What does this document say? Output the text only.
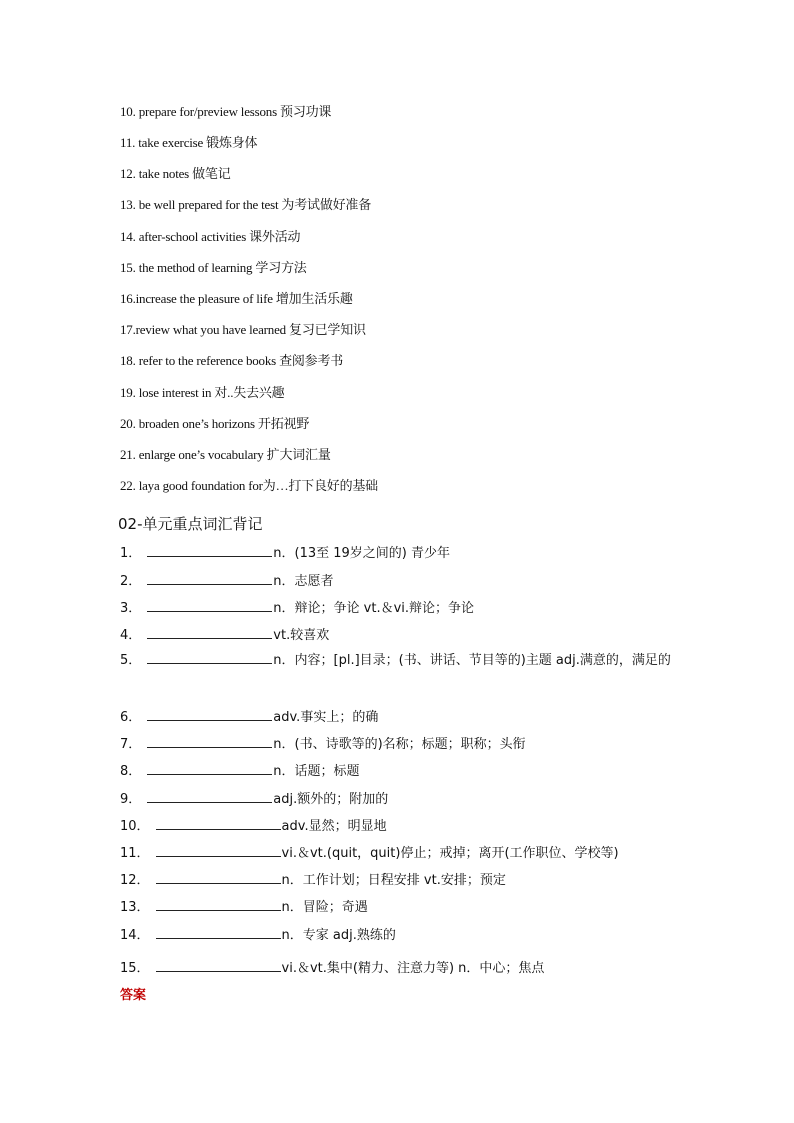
10. prepare for/preview lessons 预习功课
11. take exercise 锻炼身体
12. take notes 做笔记
13. be well prepared for the test 为考试做好准备
14. after-school activities 课外活动
15. the method of learning 学习方法
16.increase the pleasure of life 增加生活乐趣
17.review what you have learned 复习已学知识
18. refer to the reference books 查阅参考书
19. lose interest in 对..失去兴趣
20. broaden one’s horizons 开拓视野
21. enlarge one’s vocabulary 扩大词汇量
22. laya good foundation for为…打下良好的基础
02-单元重点词汇背记
1．	n．(13至 19岁之间的) 青少年
2．	n．志愿者
3．	n．辩论；争论 vt.＆vi.辩论；争论
4．	vt.较喜欢
5．	n．内容；[pl.]目录；(书、讲话、节目等的)主题 adj.满意的，满足的
6．	adv.事实上；的确
7．	n．(书、诗歌等的)名称；标题；职称；头衔
8．	n．话题；标题
9．	adj.额外的；附加的
10．	adv.显然；明显地
11．	vi.＆vt.(quit，quit)停止；戒掉；离开(工作职位、学校等)
12．	n．工作计划；日程安排 vt.安排；预定
13．	n．冒险；奇遇
14．	n．专家 adj.熟练的
15．	vi.＆vt.集中(精力、注意力等) n．中心；焦点
答案
